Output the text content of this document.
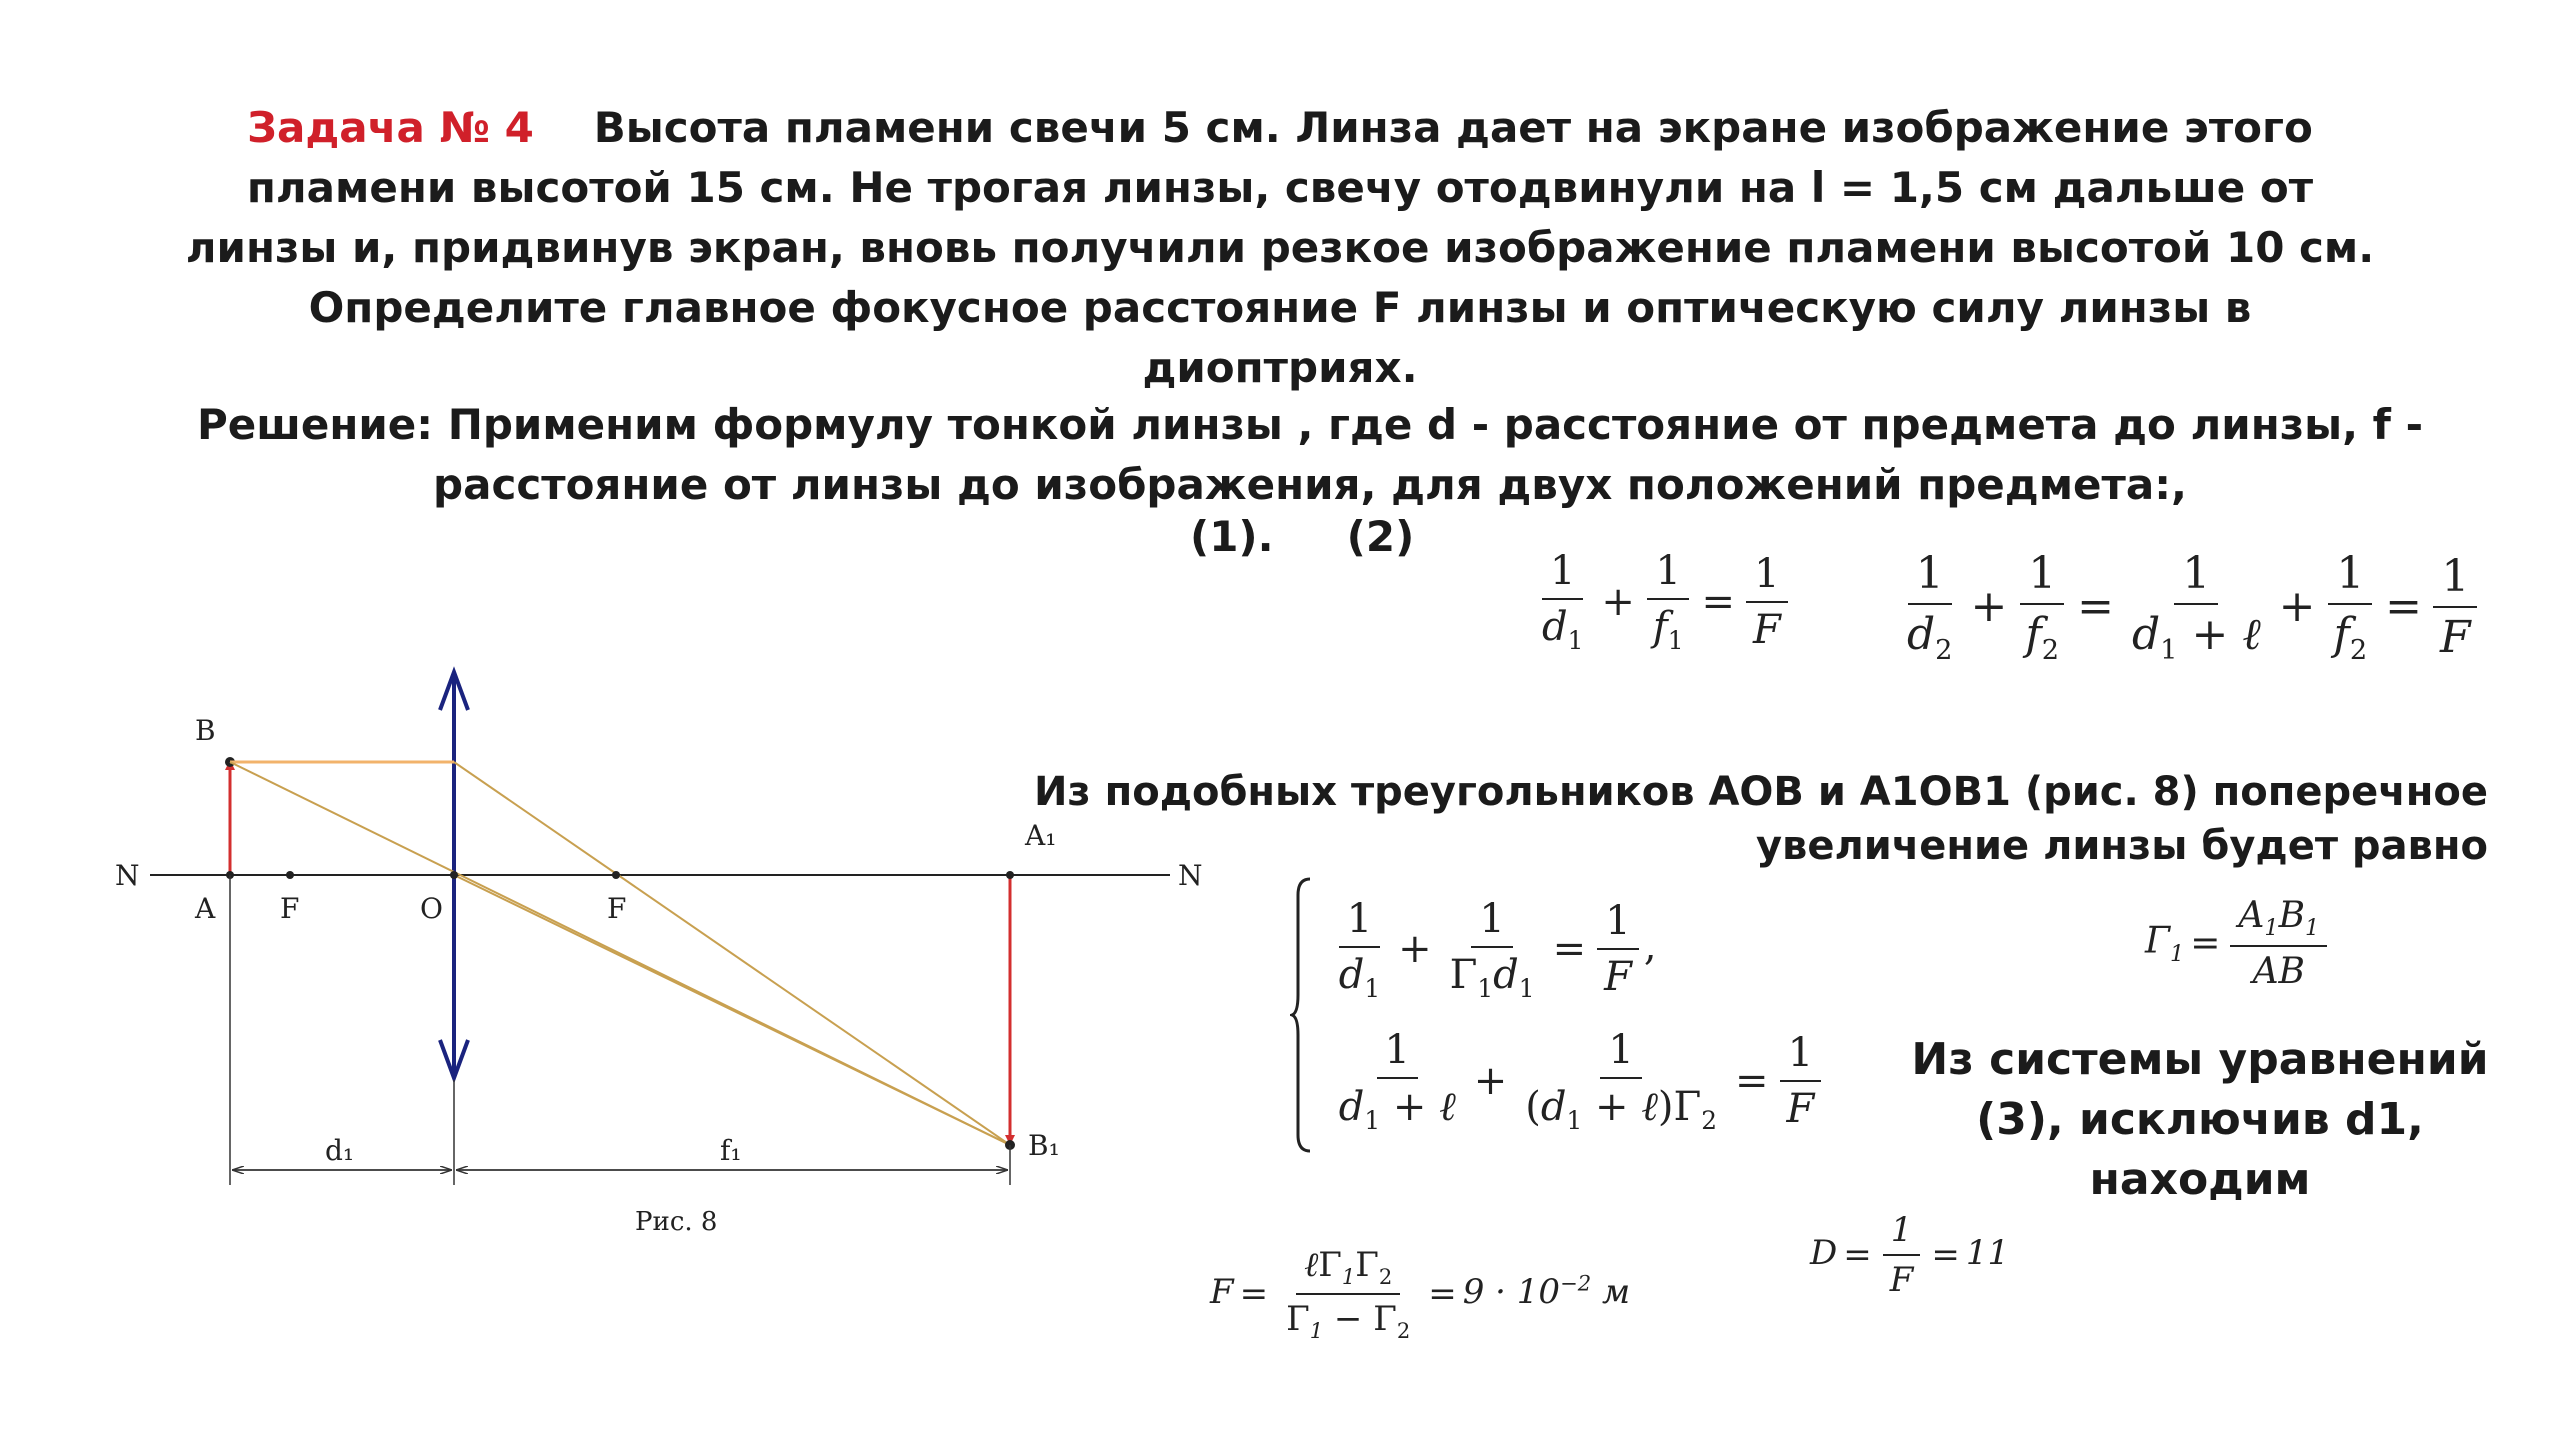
Задача № 4 Высота пламени свечи 5 см. Линза дает на экране изображение этого пламени высотой 15 см. Не трогая линзы, свечу отодвинули на l = 1,5 см дальше от линзы и, придвинув экран, вновь получили резкое изображение пламени высотой 10 см. Определите главное фокусное расстояние F линзы и оптическую силу линзы в диоптриях.
Решение: Применим формулу тонкой линзы , где d - расстояние от предмета до линзы, f - расстояние от линзы до изображения, для двух положений предмета:,
(1).     (2)
$\frac{1}{d_1} + \frac{1}{f_1} = \frac{1}{F}$	$\frac{1}{d_2} + \frac{1}{f_2} = \frac{1}{d_1 + \ell} + \frac{1}{f_2} = \frac{1}{F}$
Из подобных треугольников АОВ и А1ОВ1 (рис. 8) поперечное увеличение линзы будет равно

$\frac{1}{d_1} + \frac{1}{\Gamma_1d_1} = \frac{1}{F}$ ,
$\frac{1}{d_1 + \ell} + \frac{1}{(d_1 + \ell)\Gamma_2} = \frac{1}{F}$
$\Gamma_1 = \frac{A_1B_1}{AB}$
Из системы уравнений (3), исключив d1, находим
$F = \frac{\ell\Gamma_1\Gamma_2}{\Gamma_1 - \Gamma_2} = 9 \cdot 10^{-2}$ м
$D = \frac{1}{F} = 11$
B
A F	O	F
A₁
B₁
N	N
d₁	f₁
Рис. 8
